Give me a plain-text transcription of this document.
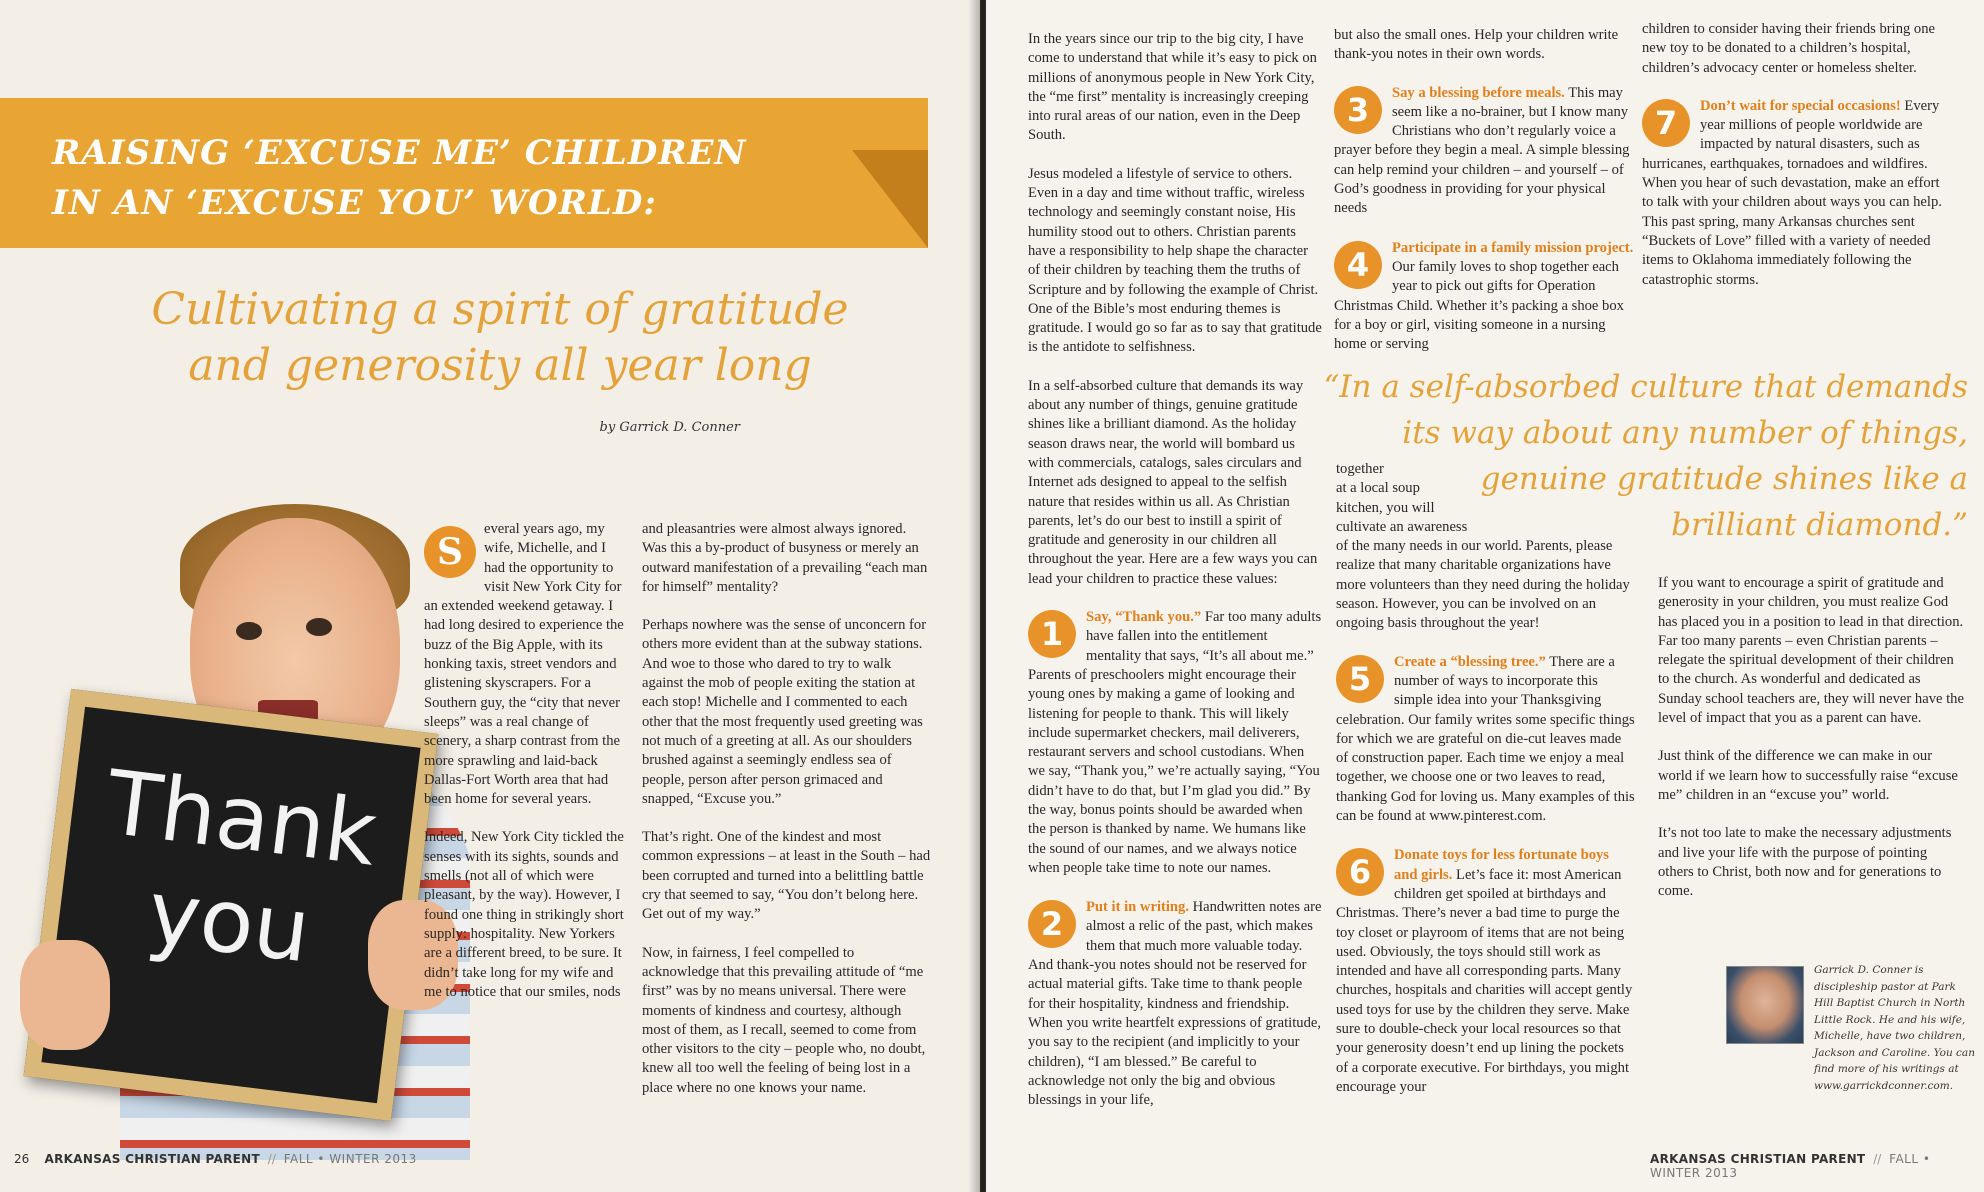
RAISING ‘EXCUSE ME’ CHILDREN
IN AN ‘EXCUSE YOU’ WORLD:
Cultivating a spirit of gratitude and generosity all year long
by Garrick D. Conner
Thank you

S
everal years ago, my wife, Michelle, and I had the opportunity to visit New York City for an extended weekend getaway. I had long desired to experience the buzz of the Big Apple, with its honking taxis, street vendors and glistening skyscrapers. For a Southern guy, the “city that never sleeps” was a real change of scenery, a sharp contrast from the more sprawling and laid-back Dallas-Fort Worth area that had been home for several years.

Indeed, New York City tickled the senses with its sights, sounds and smells (not all of which were pleasant, by the way). However, I found one thing in strikingly short supply: hospitality. New Yorkers are a different breed, to be sure. It didn’t take long for my wife and me to notice that our smiles, nods

and pleasantries were almost always ignored. Was this a by-product of busyness or merely an outward manifestation of a prevailing “each man for himself” mentality?

Perhaps nowhere was the sense of unconcern for others more evident than at the subway stations. And woe to those who dared to try to walk against the mob of people exiting the station at each stop! Michelle and I commented to each other that the most frequently used greeting was not much of a greeting at all. As our shoulders brushed against a seemingly endless sea of people, person after person grimaced and snapped, “Excuse you.”

That’s right. One of the kindest and most common expressions – at least in the South – had been corrupted and turned into a belittling battle cry that seemed to say, “You don’t belong here. Get out of my way.”

Now, in fairness, I feel compelled to acknowledge that this prevailing attitude of “me first” was by no means universal. There were moments of kindness and courtesy, although most of them, as I recall, seemed to come from other visitors to the city – people who, no doubt, knew all too well the feeling of being lost in a place where no one knows your name.

26 ARKANSAS CHRISTIAN PARENT // FALL • WINTER 2013

In the years since our trip to the big city, I have come to understand that while it’s easy to pick on millions of anonymous people in New York City, the “me first” mentality is increasingly creeping into rural areas of our nation, even in the Deep South.

Jesus modeled a lifestyle of service to others. Even in a day and time without traffic, wireless technology and seemingly constant noise, His humility stood out to others. Christian parents have a responsibility to help shape the character of their children by teaching them the truths of Scripture and by following the example of Christ. One of the Bible’s most enduring themes is gratitude. I would go so far as to say that gratitude is the antidote to selfishness.

In a self-absorbed culture that demands its way about any number of things, genuine gratitude shines like a brilliant diamond. As the holiday season draws near, the world will bombard us with commercials, catalogs, sales circulars and Internet ads designed to appeal to the selfish nature that resides within us all. As Christian parents, let’s do our best to instill a spirit of gratitude and generosity in our children all throughout the year. Here are a few ways you can lead your children to practice these values:

1	Say, “Thank you.” Far too many adults have fallen into the entitlement mentality that says, “It’s all about me.” Parents of preschoolers might encourage their young ones by making a game of looking and listening for people to thank. This will likely include supermarket checkers, mail deliverers, restaurant servers and school custodians. When we say, “Thank you,” we’re actually saying, “You didn’t have to do that, but I’m glad you did.” By the way, bonus points should be awarded when the person is thanked by name. We humans like the sound of our names, and we always notice when people take time to note our names.
2	Put it in writing. Handwritten notes are almost a relic of the past, which makes them that much more valuable today. And thank-you notes should not be reserved for actual material gifts. Take time to thank people for their hospitality, kindness and friendship. When you write heartfelt expressions of gratitude, you say to the recipient (and implicitly to your children), “I am blessed.” Be careful to acknowledge not only the big and obvious blessings in your life,

but also the small ones. Help your children write thank-you notes in their own words.

3	Say a blessing before meals. This may seem like a no-brainer, but I know many Christians who don’t regularly voice a prayer before they begin a meal. A simple blessing can help remind your children – and yourself – of God’s goodness in providing for your physical needs
4	Participate in a family mission project. Our family loves to shop together each year to pick out gifts for Operation Christmas Child. Whether it’s packing a shoe box for a boy or girl, visiting someone in a nursing home or serving
“In a self-absorbed culture that demands
its way about any number of things,
genuine gratitude shines like a
brilliant diamond.”
together
at a local soup
kitchen, you will
cultivate an awareness

of the many needs in our world. Parents, please realize that many charitable organizations have more volunteers than they need during the holiday season. However, you can be involved on an ongoing basis throughout the year!

5	Create a “blessing tree.” There are a number of ways to incorporate this simple idea into your Thanksgiving celebration. Our family writes some specific things for which we are grateful on die-cut leaves made of construction paper. Each time we enjoy a meal together, we choose one or two leaves to read, thanking God for loving us. Many examples of this can be found at www.pinterest.com.
6	Donate toys for less fortunate boys and girls. Let’s face it: most American children get spoiled at birthdays and Christmas. There’s never a bad time to purge the toy closet or playroom of items that are not being used. Obviously, the toys should still work as intended and have all corresponding parts. Many churches, hospitals and charities will accept gently used toys for use by the children they serve. Make sure to double-check your local resources so that your generosity doesn’t end up lining the pockets of a corporate executive. For birthdays, you might encourage your

children to consider having their friends bring one new toy to be donated to a children’s hospital, children’s advocacy center or homeless shelter.

7	Don’t wait for special occasions! Every year millions of people worldwide are impacted by natural disasters, such as hurricanes, earthquakes, tornadoes and wildfires. When you hear of such devastation, make an effort to talk with your children about ways you can help. This past spring, many Arkansas churches sent “Buckets of Love” filled with a variety of needed items to Oklahoma immediately following the catastrophic storms.

If you want to encourage a spirit of gratitude and generosity in your children, you must realize God has placed you in a position to lead in that direction. Far too many parents – even Christian parents – relegate the spiritual development of their children to the church. As wonderful and dedicated as Sunday school teachers are, they will never have the level of impact that you as a parent can have.

Just think of the difference we can make in our world if we learn how to successfully raise “excuse me” children in an “excuse you” world.

It’s not too late to make the necessary adjustments and live your life with the purpose of pointing others to Christ, both now and for generations to come.

ARKANSAS CHRISTIAN PARENT // FALL • WINTER 2013
Garrick D. Conner is discipleship pastor at Park Hill Baptist Church in North Little Rock. He and his wife, Michelle, have two children, Jackson and Caroline. You can find more of his writings at www.garrickdconner.com.
